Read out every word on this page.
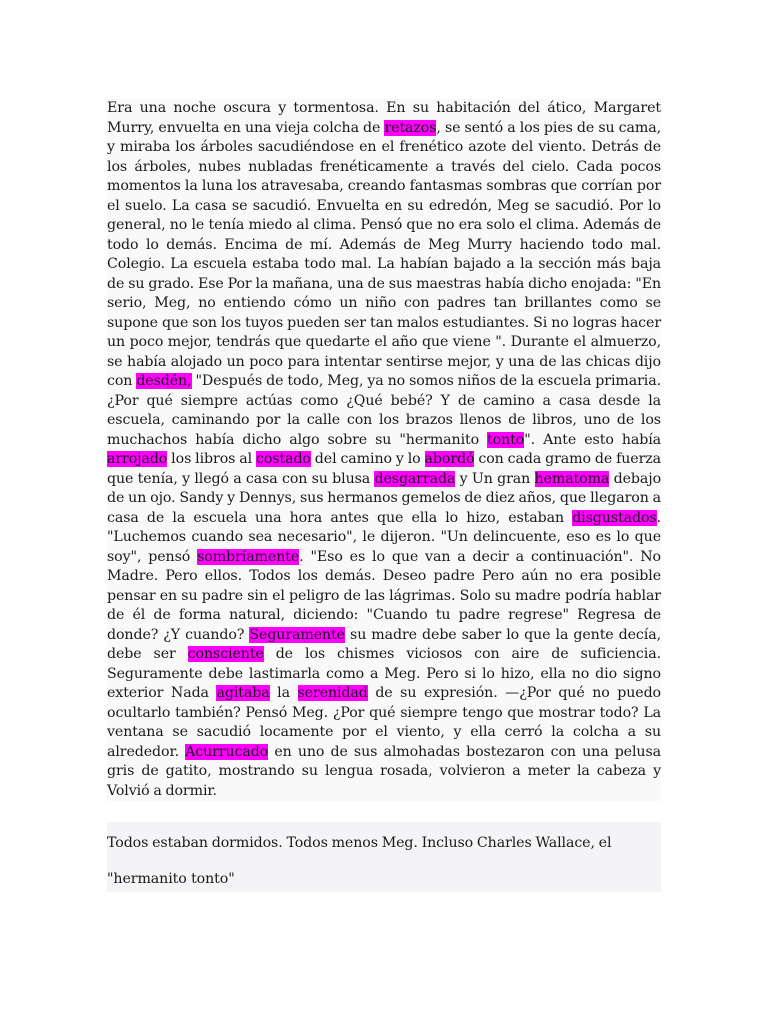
Era una noche oscura y tormentosa. En su habitación del ático, Margaret Murry, envuelta en una vieja colcha de retazos, se sentó a los pies de su cama, y miraba los árboles sacudiéndose en el frenético azote del viento. Detrás de los árboles, nubes nubladas frenéticamente a través del cielo. Cada pocos momentos la luna los atravesaba, creando fantasmas sombras que corrían por el suelo. La casa se sacudió. Envuelta en su edredón, Meg se sacudió. Por lo general, no le tenía miedo al clima. Pensó que no era solo el clima. Además de todo lo demás. Encima de mí. Además de Meg Murry haciendo todo mal. Colegio. La escuela estaba todo mal. La habían bajado a la sección más baja de su grado. Ese Por la mañana, una de sus maestras había dicho enojada: "En serio, Meg, no entiendo cómo un niño con padres tan brillantes como se supone que son los tuyos pueden ser tan malos estudiantes. Si no logras hacer un poco mejor, tendrás que quedarte el año que viene ". Durante el almuerzo, se había alojado un poco para intentar sentirse mejor, y una de las chicas dijo con desdén, "Después de todo, Meg, ya no somos niños de la escuela primaria. ¿Por qué siempre actúas como ¿Qué bebé? Y de camino a casa desde la escuela, caminando por la calle con los brazos llenos de libros, uno de los muchachos había dicho algo sobre su "hermanito tonto". Ante esto había arrojado los libros al costado del camino y lo abordó con cada gramo de fuerza que tenía, y llegó a casa con su blusa desgarrada y Un gran hematoma debajo de un ojo. Sandy y Dennys, sus hermanos gemelos de diez años, que llegaron a casa de la escuela una hora antes que ella lo hizo, estaban disgustados. "Luchemos cuando sea necesario", le dijeron. "Un delincuente, eso es lo que soy", pensó sombríamente. "Eso es lo que van a decir a continuación". No Madre. Pero ellos. Todos los demás. Deseo padre Pero aún no era posible pensar en su padre sin el peligro de las lágrimas. Solo su madre podría hablar de él de forma natural, diciendo: "Cuando tu padre regrese" Regresa de donde? ¿Y cuando? Seguramente su madre debe saber lo que la gente decía, debe ser consciente de los chismes viciosos con aire de suficiencia. Seguramente debe lastimarla como a Meg. Pero si lo hizo, ella no dio signo exterior Nada agitaba la serenidad de su expresión. —¿Por qué no puedo ocultarlo también? Pensó Meg. ¿Por qué siempre tengo que mostrar todo? La ventana se sacudió locamente por el viento, y ella cerró la colcha a su alrededor. Acurrucado en uno de sus almohadas bostezaron con una pelusa gris de gatito, mostrando su lengua rosada, volvieron a meter la cabeza y Volvió a dormir.

Todos estaban dormidos. Todos menos Meg. Incluso Charles Wallace, el
"hermanito tonto"
